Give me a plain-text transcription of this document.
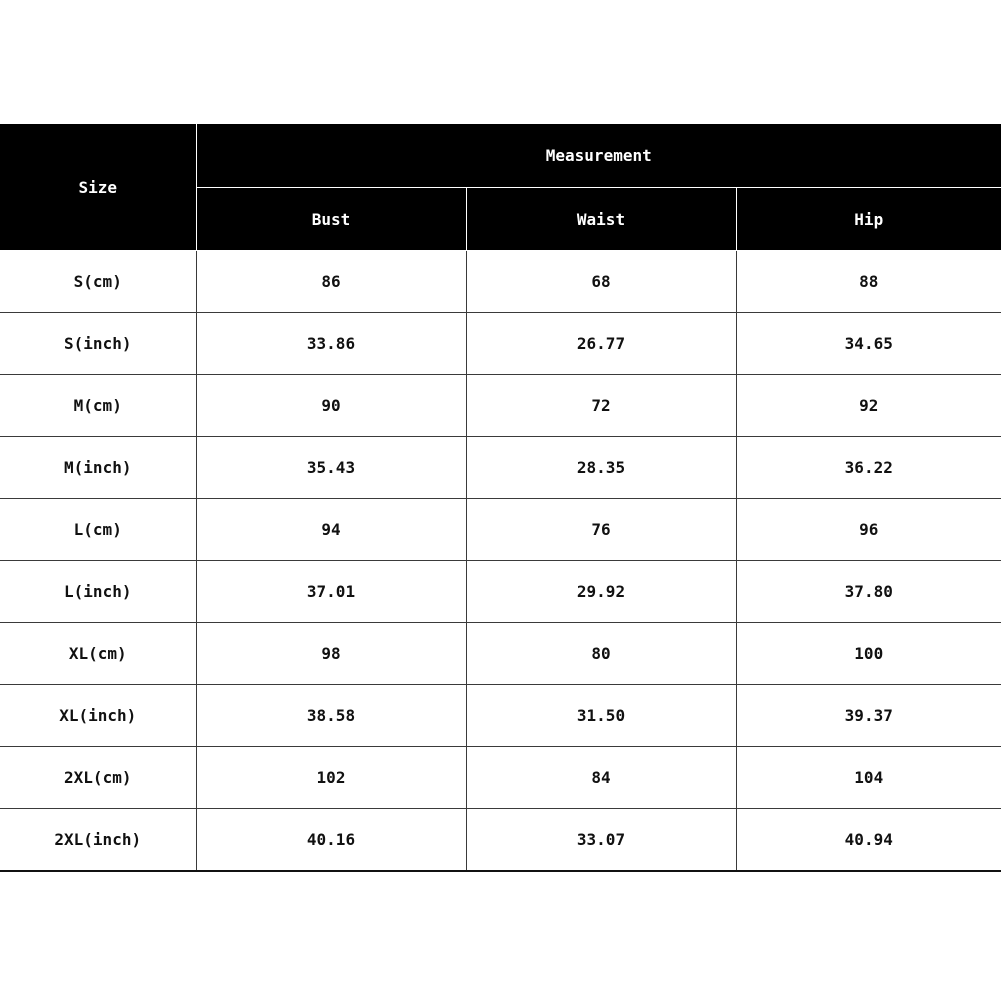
Size	Measurement		
	Bust	Waist	Hip
S(cm)	86	68	88
S(inch)	33.86	26.77	34.65
M(cm)	90	72	92
M(inch)	35.43	28.35	36.22
L(cm)	94	76	96
L(inch)	37.01	29.92	37.80
XL(cm)	98	80	100
XL(inch)	38.58	31.50	39.37
2XL(cm)	102	84	104
2XL(inch)	40.16	33.07	40.94
